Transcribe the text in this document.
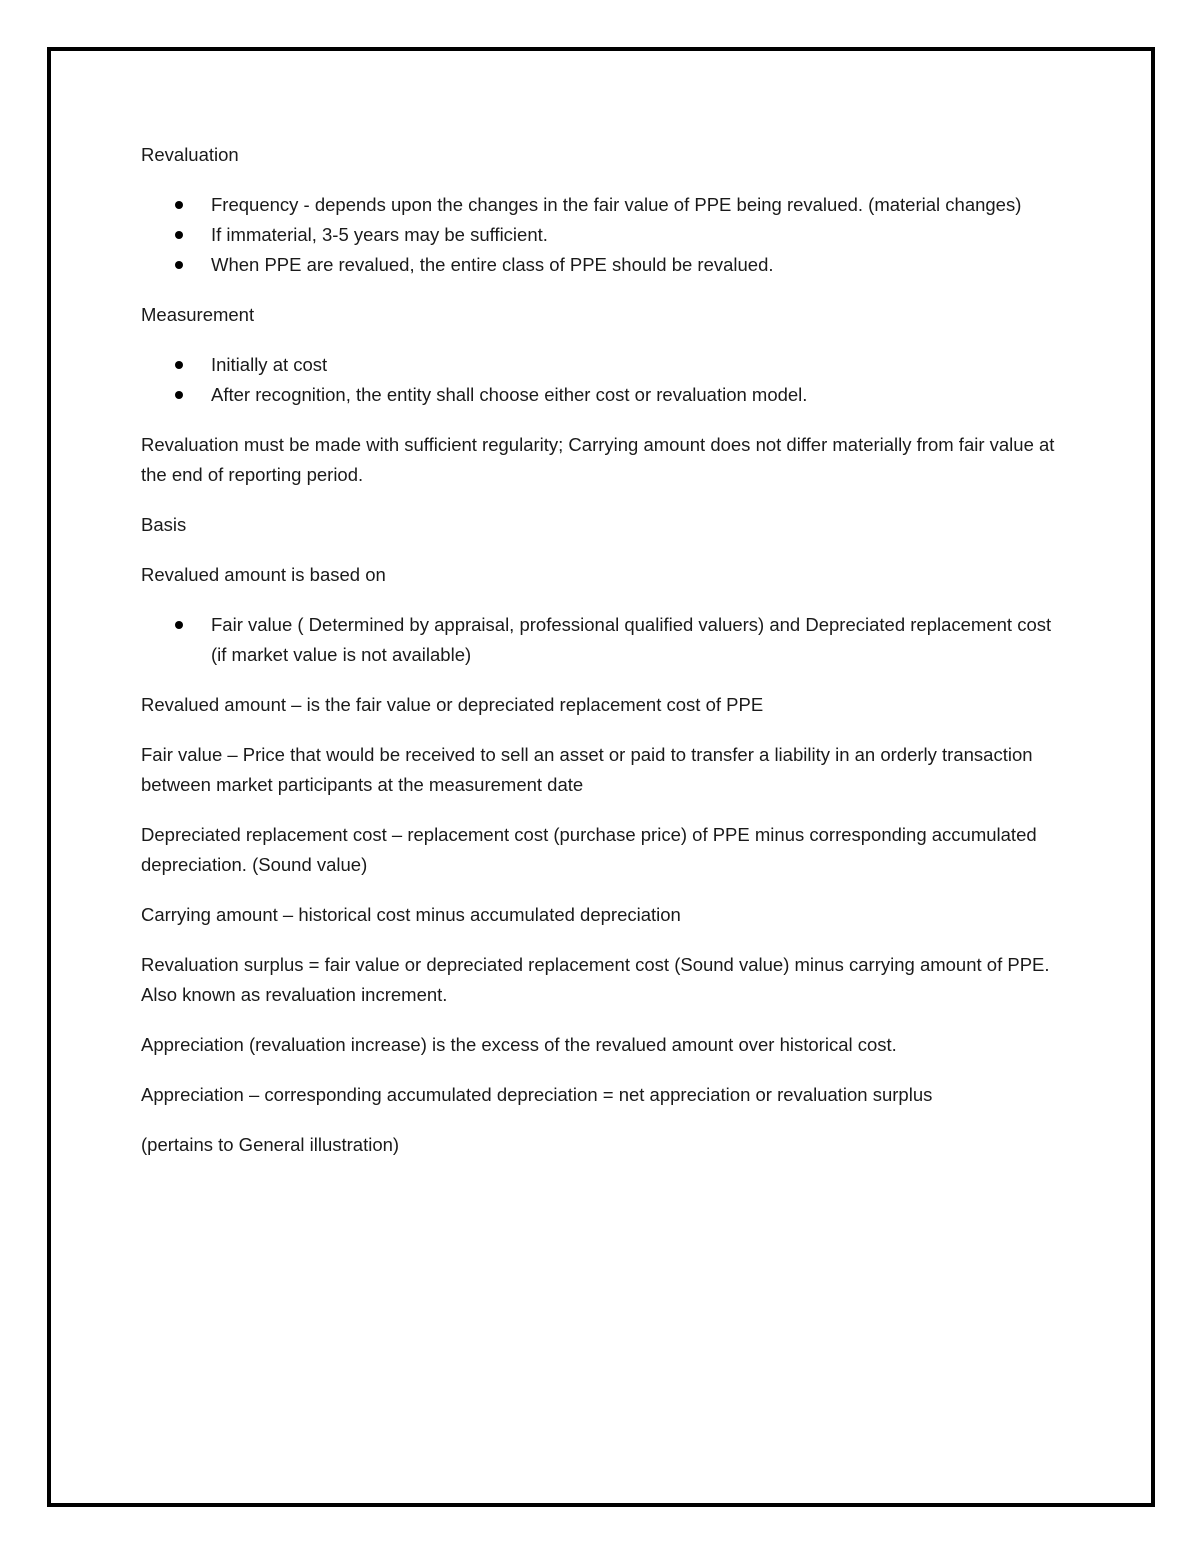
Revaluation

Frequency - depends upon the changes in the fair value of PPE being revalued. (material changes)
If immaterial, 3-5 years may be sufficient.
When PPE are revalued, the entire class of PPE should be revalued.

Measurement

Initially at cost
After recognition, the entity shall choose either cost or revaluation model.

Revaluation must be made with sufficient regularity; Carrying amount does not differ materially from fair value at the end of reporting period.

Basis

Revalued amount is based on

Fair value ( Determined by appraisal, professional qualified valuers) and Depreciated replacement cost (if market value is not available)

Revalued amount – is the fair value or depreciated replacement cost of PPE

Fair value – Price that would be received to sell an asset or paid to transfer a liability in an orderly transaction between market participants at the measurement date

Depreciated replacement cost – replacement cost (purchase price) of PPE minus corresponding accumulated depreciation. (Sound value)

Carrying amount – historical cost minus accumulated depreciation

Revaluation surplus = fair value or depreciated replacement cost (Sound value) minus carrying amount of PPE. Also known as revaluation increment.

Appreciation (revaluation increase) is the excess of the revalued amount over historical cost.

Appreciation – corresponding accumulated depreciation = net appreciation or revaluation surplus

(pertains to General illustration)
